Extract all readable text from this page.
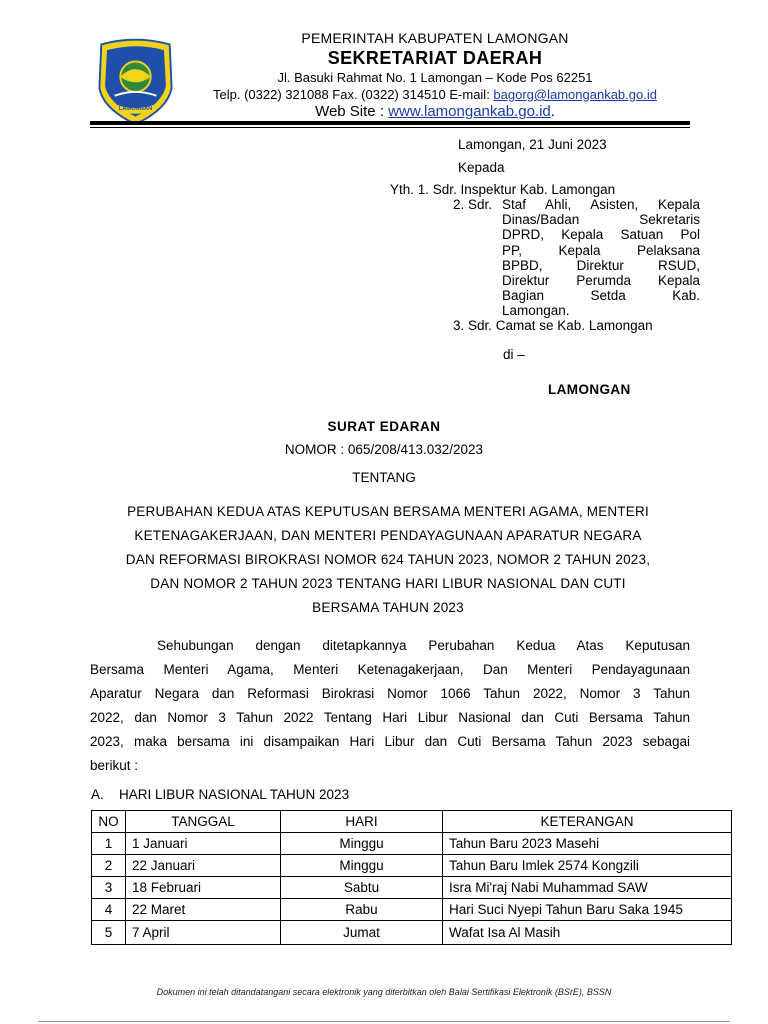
LAMONGAN
PEMERINTAH KABUPATEN LAMONGAN
SEKRETARIAT DAERAH
Jl. Basuki Rahmat No. 1 Lamongan – Kode Pos 62251
Telp. (0322) 321088 Fax. (0322) 314510 E-mail: bagorg@lamongankab.go.id
Web Site : www.lamongankab.go.id.
Lamongan, 21 Juni 2023
Kepada
Yth. 1. Sdr. Inspektur Kab. Lamongan
2. Sdr. Staf Ahli, Asisten, Kepala
Dinas/Badan Sekretaris
DPRD, Kepala Satuan Pol
PP, Kepala Pelaksana
BPBD, Direktur RSUD,
Direktur Perumda Kepala
Bagian Setda Kab.
Lamongan.
3. Sdr. Camat se Kab. Lamongan
di –
LAMONGAN
SURAT EDARAN
NOMOR : 065/208/413.032/2023
TENTANG
PERUBAHAN KEDUA ATAS KEPUTUSAN BERSAMA MENTERI AGAMA, MENTERI
KETENAGAKERJAAN, DAN MENTERI PENDAYAGUNAAN APARATUR NEGARA
DAN REFORMASI BIROKRASI NOMOR 624 TAHUN 2023, NOMOR 2 TAHUN 2023,
DAN NOMOR 2 TAHUN 2023 TENTANG HARI LIBUR NASIONAL DAN CUTI
BERSAMA TAHUN 2023
Sehubungan dengan ditetapkannya Perubahan Kedua Atas Keputusan
Bersama Menteri Agama, Menteri Ketenagakerjaan, Dan Menteri Pendayagunaan
Aparatur Negara dan Reformasi Birokrasi Nomor 1066 Tahun 2022, Nomor 3 Tahun
2022, dan Nomor 3 Tahun 2022 Tentang Hari Libur Nasional dan Cuti Bersama Tahun
2023, maka bersama ini disampaikan Hari Libur dan Cuti Bersama Tahun 2023 sebagai
berikut :
A. HARI LIBUR NASIONAL TAHUN 2023
NO	TANGGAL	HARI	KETERANGAN
1	1 Januari	Minggu	Tahun Baru 2023 Masehi
2	22 Januari	Minggu	Tahun Baru Imlek 2574 Kongzili
3	18 Februari	Sabtu	Isra Mi'raj Nabi Muhammad SAW
4	22 Maret	Rabu	Hari Suci Nyepi Tahun Baru Saka 1945
5	7 April	Jumat	Wafat Isa Al Masih
Dokumen ini telah ditandatangani secara elektronik yang diterbitkan oleh Balai Sertifikasi Elektronik (BSrE), BSSN
